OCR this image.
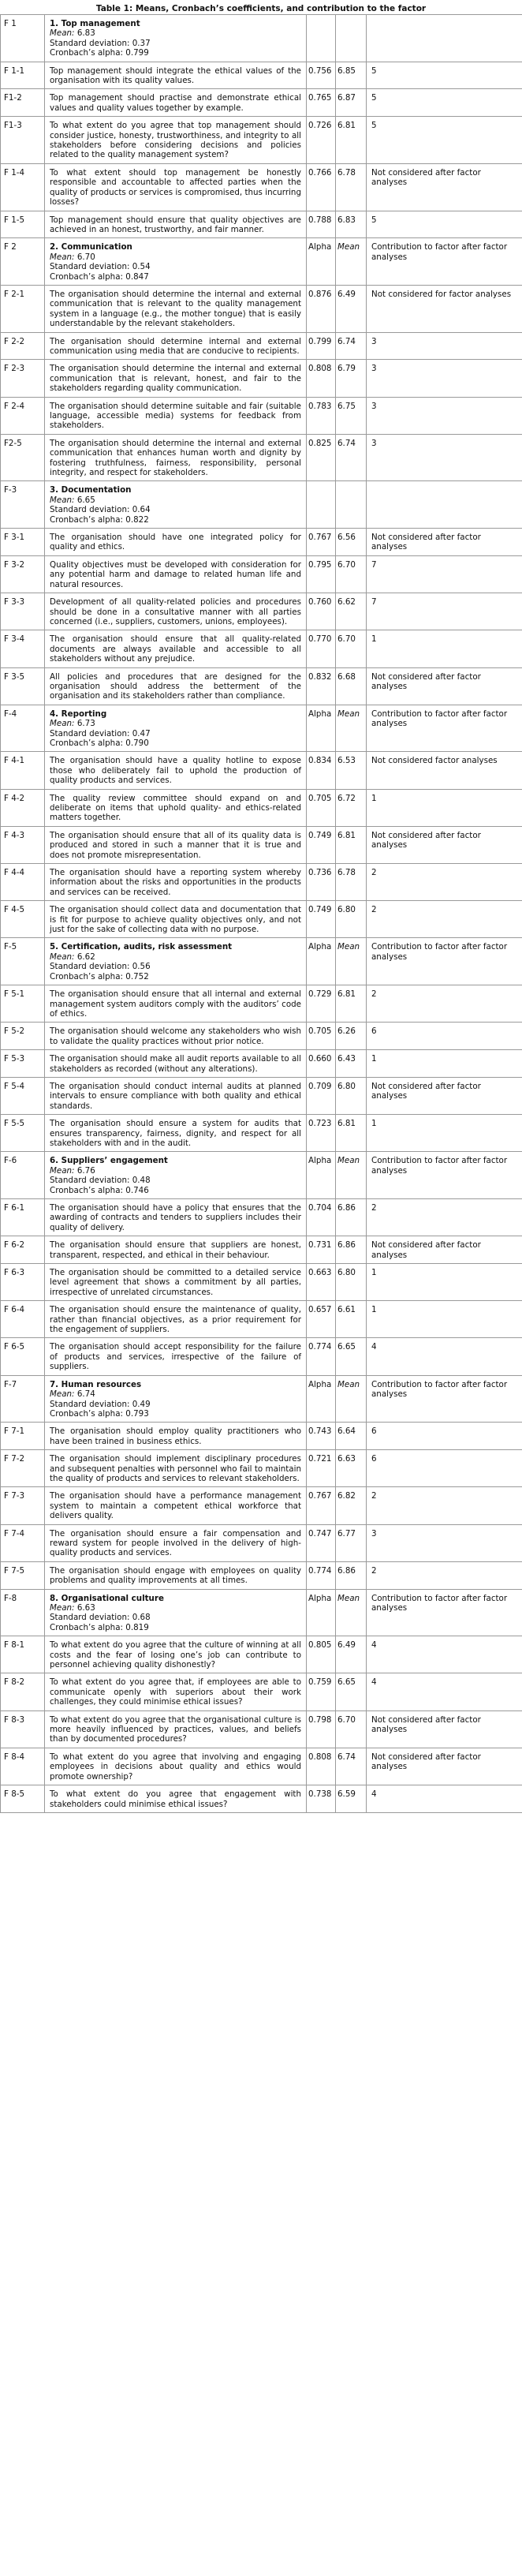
Table 1: Means, Cronbach’s coefficients, and contribution to the factor
F 1	1. Top management
Mean: 6.83
Standard deviation: 0.37
Cronbach’s alpha: 0.799			

F 1-1	Top management should integrate the ethical values of the organisation with its quality values.	0.756	6.85	5
F1-2	Top management should practise and demonstrate ethical values and quality values together by example.	0.765	6.87	5
F1-3	To what extent do you agree that top management should consider justice, honesty, trustworthiness, and integrity to all stakeholders before considering decisions and policies related to the quality management system?	0.726	6.81	5
F 1-4	To what extent should top management be honestly responsible and accountable to affected parties when the quality of products or services is compromised, thus incurring losses?	0.766	6.78	Not considered after factor analyses
F 1-5	Top management should ensure that quality objectives are achieved in an honest, trustworthy, and fair manner.	0.788	6.83	5
F 2	2. Communication
Mean: 6.70
Standard deviation: 0.54
Cronbach’s alpha: 0.847	Alpha	Mean	Contribution to factor after factor analyses
F 2-1	The organisation should determine the internal and external communication that is relevant to the quality management system in a language (e.g., the mother tongue) that is easily understandable by the relevant stakeholders.	0.876	6.49	Not considered for factor analyses
F 2-2	The organisation should determine internal and external communication using media that are conducive to recipients.	0.799	6.74	3
F 2-3	The organisation should determine the internal and external communication that is relevant, honest, and fair to the stakeholders regarding quality communication.	0.808	6.79	3
F 2-4	The organisation should determine suitable and fair (suitable language, accessible media) systems for feedback from stakeholders.	0.783	6.75	3
F2-5	The organisation should determine the internal and external communication that enhances human worth and dignity by fostering truthfulness, fairness, responsibility, personal integrity, and respect for stakeholders.	0.825	6.74	3
F-3	3. Documentation
Mean: 6.65
Standard deviation: 0.64
Cronbach’s alpha: 0.822			

F 3-1	The organisation should have one integrated policy for quality and ethics.	0.767	6.56	Not considered after factor analyses
F 3-2	Quality objectives must be developed with consideration for any potential harm and damage to related human life and natural resources.	0.795	6.70	7
F 3-3	Development of all quality-related policies and procedures should be done in a consultative manner with all parties concerned (i.e., suppliers, customers, unions, employees).	0.760	6.62	7
F 3-4	The organisation should ensure that all quality-related documents are always available and accessible to all stakeholders without any prejudice.	0.770	6.70	1
F 3-5	All policies and procedures that are designed for the organisation should address the betterment of the organisation and its stakeholders rather than compliance.	0.832	6.68	Not considered after factor analyses
F-4	4. Reporting
Mean: 6.73
Standard deviation: 0.47
Cronbach’s alpha: 0.790	Alpha	Mean	Contribution to factor after factor analyses
F 4-1	The organisation should have a quality hotline to expose those who deliberately fail to uphold the production of quality products and services.	0.834	6.53	Not considered factor analyses
F 4-2	The quality review committee should expand on and deliberate on items that uphold quality- and ethics-related matters together.	0.705	6.72	1
F 4-3	The organisation should ensure that all of its quality data is produced and stored in such a manner that it is true and does not promote misrepresentation.	0.749	6.81	Not considered after factor analyses
F 4-4	The organisation should have a reporting system whereby information about the risks and opportunities in the products and services can be received.	0.736	6.78	2
F 4-5	The organisation should collect data and documentation that is fit for purpose to achieve quality objectives only, and not just for the sake of collecting data with no purpose.	0.749	6.80	2
F-5	5. Certification, audits, risk assessment
Mean: 6.62
Standard deviation: 0.56
Cronbach’s alpha: 0.752	Alpha	Mean	Contribution to factor after factor analyses
F 5-1	The organisation should ensure that all internal and external management system auditors comply with the auditors’ code of ethics.	0.729	6.81	2
F 5-2	The organisation should welcome any stakeholders who wish to validate the quality practices without prior notice.	0.705	6.26	6
F 5-3	The organisation should make all audit reports available to all stakeholders as recorded (without any alterations).	0.660	6.43	1
F 5-4	The organisation should conduct internal audits at planned intervals to ensure compliance with both quality and ethical standards.	0.709	6.80	Not considered after factor analyses
F 5-5	The organisation should ensure a system for audits that ensures transparency, fairness, dignity, and respect for all stakeholders with and in the audit.	0.723	6.81	1
F-6	6. Suppliers’ engagement
Mean: 6.76
Standard deviation: 0.48
Cronbach’s alpha: 0.746	Alpha	Mean	Contribution to factor after factor analyses
F 6-1	The organisation should have a policy that ensures that the awarding of contracts and tenders to suppliers includes their quality of delivery.	0.704	6.86	2
F 6-2	The organisation should ensure that suppliers are honest, transparent, respected, and ethical in their behaviour.	0.731	6.86	Not considered after factor analyses
F 6-3	The organisation should be committed to a detailed service level agreement that shows a commitment by all parties, irrespective of unrelated circumstances.	0.663	6.80	1
F 6-4	The organisation should ensure the maintenance of quality, rather than financial objectives, as a prior requirement for the engagement of suppliers.	0.657	6.61	1
F 6-5	The organisation should accept responsibility for the failure of products and services, irrespective of the failure of suppliers.	0.774	6.65	4
F-7	7. Human resources
Mean: 6.74
Standard deviation: 0.49
Cronbach’s alpha: 0.793	Alpha	Mean	Contribution to factor after factor analyses
F 7-1	The organisation should employ quality practitioners who have been trained in business ethics.	0.743	6.64	6
F 7-2	The organisation should implement disciplinary procedures and subsequent penalties with personnel who fail to maintain the quality of products and services to relevant stakeholders.	0.721	6.63	6
F 7-3	The organisation should have a performance management system to maintain a competent ethical workforce that delivers quality.	0.767	6.82	2
F 7-4	The organisation should ensure a fair compensation and reward system for people involved in the delivery of high-quality products and services.	0.747	6.77	3
F 7-5	The organisation should engage with employees on quality problems and quality improvements at all times.	0.774	6.86	2
F-8	8. Organisational culture
Mean: 6.63
Standard deviation: 0.68
Cronbach’s alpha: 0.819	Alpha	Mean	Contribution to factor after factor analyses
F 8-1	To what extent do you agree that the culture of winning at all costs and the fear of losing one’s job can contribute to personnel achieving quality dishonestly?	0.805	6.49	4
F 8-2	To what extent do you agree that, if employees are able to communicate openly with superiors about their work challenges, they could minimise ethical issues?	0.759	6.65	4
F 8-3	To what extent do you agree that the organisational culture is more heavily influenced by practices, values, and beliefs than by documented procedures?	0.798	6.70	Not considered after factor analyses
F 8-4	To what extent do you agree that involving and engaging employees in decisions about quality and ethics would promote ownership?	0.808	6.74	Not considered after factor analyses
F 8-5	To what extent do you agree that engagement with stakeholders could minimise ethical issues?	0.738	6.59	4
